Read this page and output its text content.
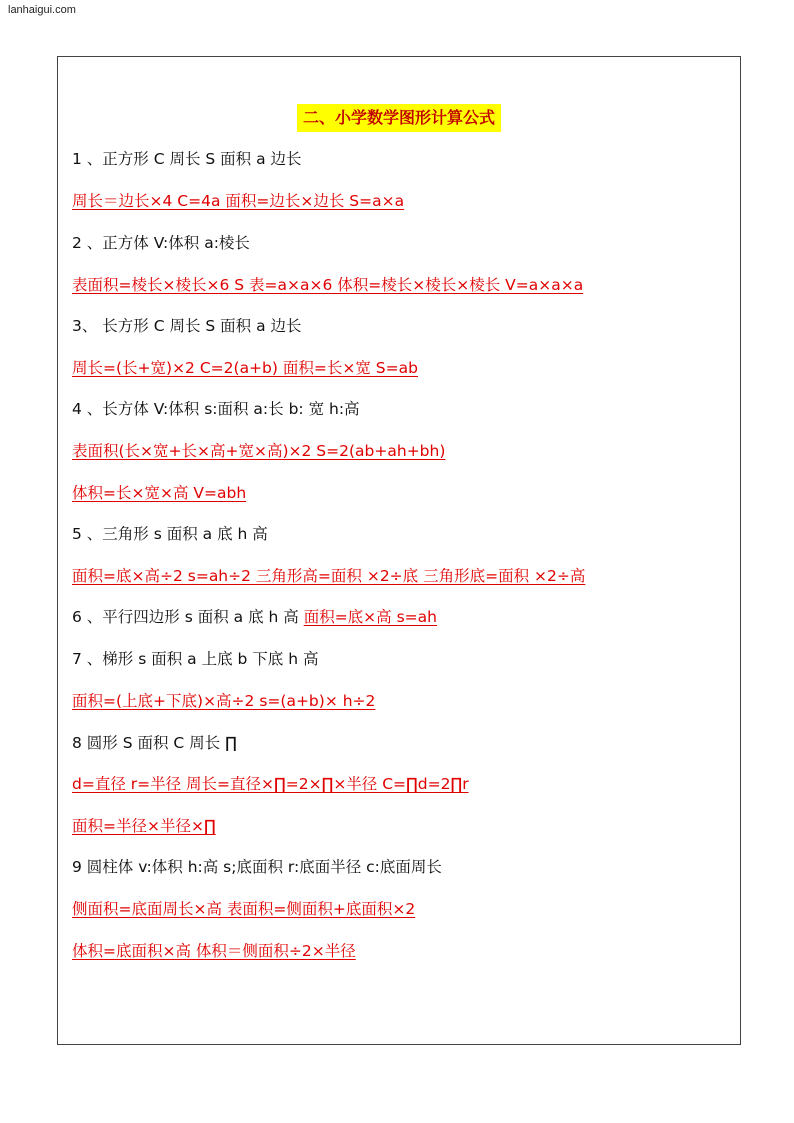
lanhaigui.com
二、小学数学图形计算公式
1 、正方形 C 周长 S 面积 a 边长
周长＝边长×4 C=4a 面积=边长×边长 S=a×a
2 、正方体 V:体积 a:棱长
表面积=棱长×棱长×6 S 表=a×a×6 体积=棱长×棱长×棱长 V=a×a×a
3、 长方形 C 周长 S 面积 a 边长
周长=(长+宽)×2 C=2(a+b) 面积=长×宽 S=ab
4 、长方体 V:体积 s:面积 a:长 b: 宽 h:高
表面积(长×宽+长×高+宽×高)×2 S=2(ab+ah+bh)
体积=长×宽×高 V=abh
5 、三角形 s 面积 a 底 h 高
面积=底×高÷2 s=ah÷2 三角形高=面积 ×2÷底 三角形底=面积 ×2÷高
6 、平行四边形 s 面积 a 底 h 高 面积=底×高 s=ah
7 、梯形 s 面积 a 上底 b 下底 h 高
面积=(上底+下底)×高÷2 s=(a+b)× h÷2
8 圆形 S 面积 C 周长 ∏
d=直径 r=半径 周长=直径×∏=2×∏×半径 C=∏d=2∏r
面积=半径×半径×∏
9 圆柱体 v:体积 h:高 s;底面积 r:底面半径 c:底面周长
侧面积=底面周长×高 表面积=侧面积+底面积×2
体积=底面积×高 体积＝侧面积÷2×半径
